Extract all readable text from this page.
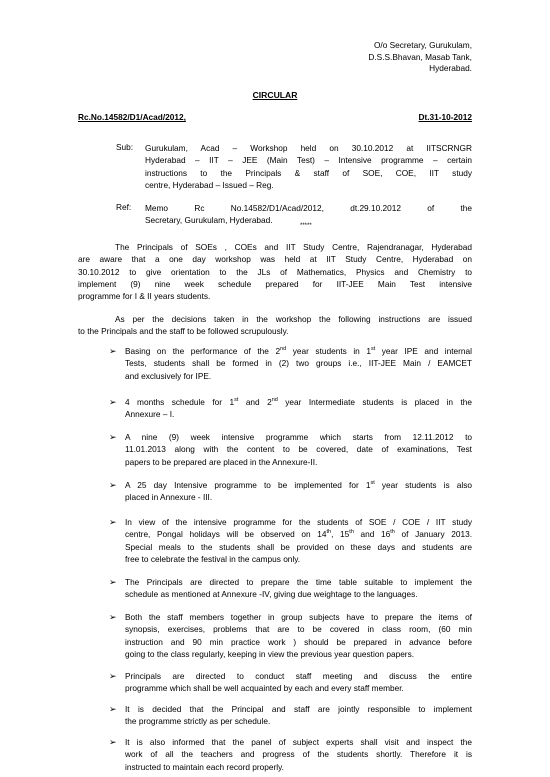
O/o Secretary, Gurukulam,
D.S.S.Bhavan, Masab Tank,
Hyderabad.
CIRCULAR
Rc.No.14582/D1/Acad/2012,	Dt.31-10-2012
Sub: Gurukulam, Acad – Workshop held on 30.10.2012 at IITSCRNGR
Hyderabad – IIT – JEE (Main Test) – Intensive programme – certain
instructions to the Principals & staff of SOE, COE, IIT study
centre, Hyderabad – Issued – Reg.
Ref: Memo Rc No.14582/D1/Acad/2012, dt.29.10.2012 of the
Secretary, Gurukulam, Hyderabad.
*****
The Principals of SOEs , COEs and IIT Study Centre, Rajendranagar, Hyderabad
are aware that a one day workshop was held at IIT Study Centre, Hyderabad on
30.10.2012 to give orientation to the JLs of Mathematics, Physics and Chemistry to
implement (9) nine week schedule prepared for IIT-JEE Main Test intensive
programme for I & II years students.
As per the decisions taken in the workshop the following instructions are issued
to the Principals and the staff to be followed scrupulously.
➢ Basing on the performance of the 2nd year students in 1st year IPE and internal
Tests, students shall be formed in (2) two groups i.e., IIT-JEE Main / EAMCET
and exclusively for IPE.
➢ 4 months schedule for 1st and 2nd year Intermediate students is placed in the
Annexure – I.
➢ A nine (9) week intensive programme which starts from 12.11.2012 to
11.01.2013 along with the content to be covered, date of examinations, Test
papers to be prepared are placed in the Annexure-II.
➢ A 25 day Intensive programme to be implemented for 1st year students is also
placed in Annexure - III.
➢ In view of the intensive programme for the students of SOE / COE / IIT study
centre, Pongal holidays will be observed on 14th, 15th and 16th of January 2013.
Special meals to the students shall be provided on these days and students are
free to celebrate the festival in the campus only.
➢ The Principals are directed to prepare the time table suitable to implement the
schedule as mentioned at Annexure -IV, giving due weightage to the languages.
➢ Both the staff members together in group subjects have to prepare the items of
synopsis, exercises, problems that are to be covered in class room, (60 min
instruction and 90 min practice work ) should be prepared in advance before
going to the class regularly, keeping in view the previous year question papers.
➢ Principals are directed to conduct staff meeting and discuss the entire
programme which shall be well acquainted by each and every staff member.
➢ It is decided that the Principal and staff are jointly responsible to implement
the programme strictly as per schedule.
➢ It is also informed that the panel of subject experts shall visit and inspect the
work of all the teachers and progress of the students shortly. Therefore it is
instructed to maintain each record properly.
